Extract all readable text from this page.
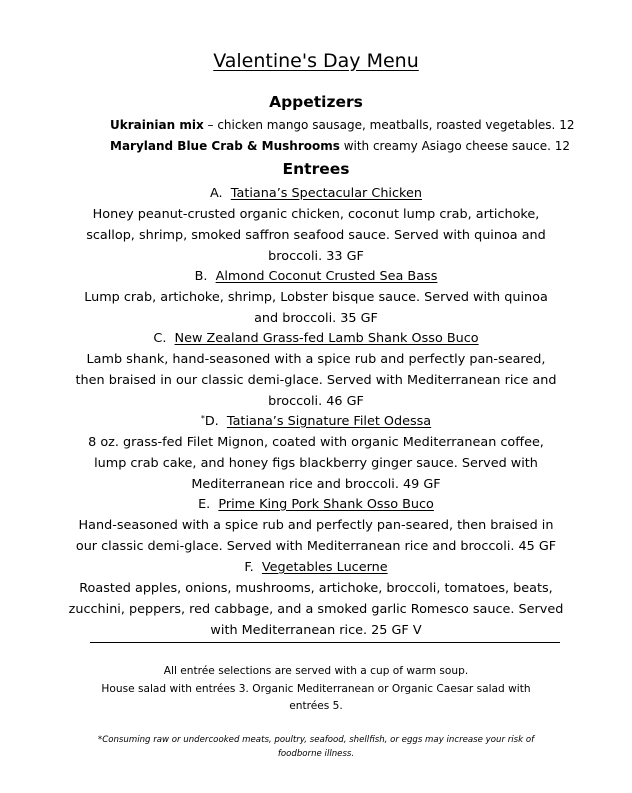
Valentine's Day Menu
Appetizers
Ukrainian mix – chicken mango sausage, meatballs, roasted vegetables. 12
Maryland Blue Crab & Mushrooms with creamy Asiago cheese sauce. 12
Entrees
A. Tatiana’s Spectacular Chicken
Honey peanut-crusted organic chicken, coconut lump crab, artichoke,
scallop, shrimp, smoked saffron seafood sauce. Served with quinoa and
broccoli. 33 GF
B. Almond Coconut Crusted Sea Bass
Lump crab, artichoke, shrimp, Lobster bisque sauce. Served with quinoa
and broccoli. 35 GF
C. New Zealand Grass-fed Lamb Shank Osso Buco
Lamb shank, hand-seasoned with a spice rub and perfectly pan-seared,
then braised in our classic demi-glace. Served with Mediterranean rice and
broccoli. 46 GF
*D. Tatiana’s Signature Filet Odessa
8 oz. grass-fed Filet Mignon, coated with organic Mediterranean coffee,
lump crab cake, and honey figs blackberry ginger sauce. Served with
Mediterranean rice and broccoli. 49 GF
E. Prime King Pork Shank Osso Buco
Hand-seasoned with a spice rub and perfectly pan-seared, then braised in
our classic demi-glace. Served with Mediterranean rice and broccoli. 45 GF
F. Vegetables Lucerne
Roasted apples, onions, mushrooms, artichoke, broccoli, tomatoes, beats,
zucchini, peppers, red cabbage, and a smoked garlic Romesco sauce. Served
with Mediterranean rice. 25 GF V
All entrée selections are served with a cup of warm soup.
House salad with entrées 3. Organic Mediterranean or Organic Caesar salad with
entrées 5.
*Consuming raw or undercooked meats, poultry, seafood, shellfish, or eggs may increase your risk of
foodborne illness.
